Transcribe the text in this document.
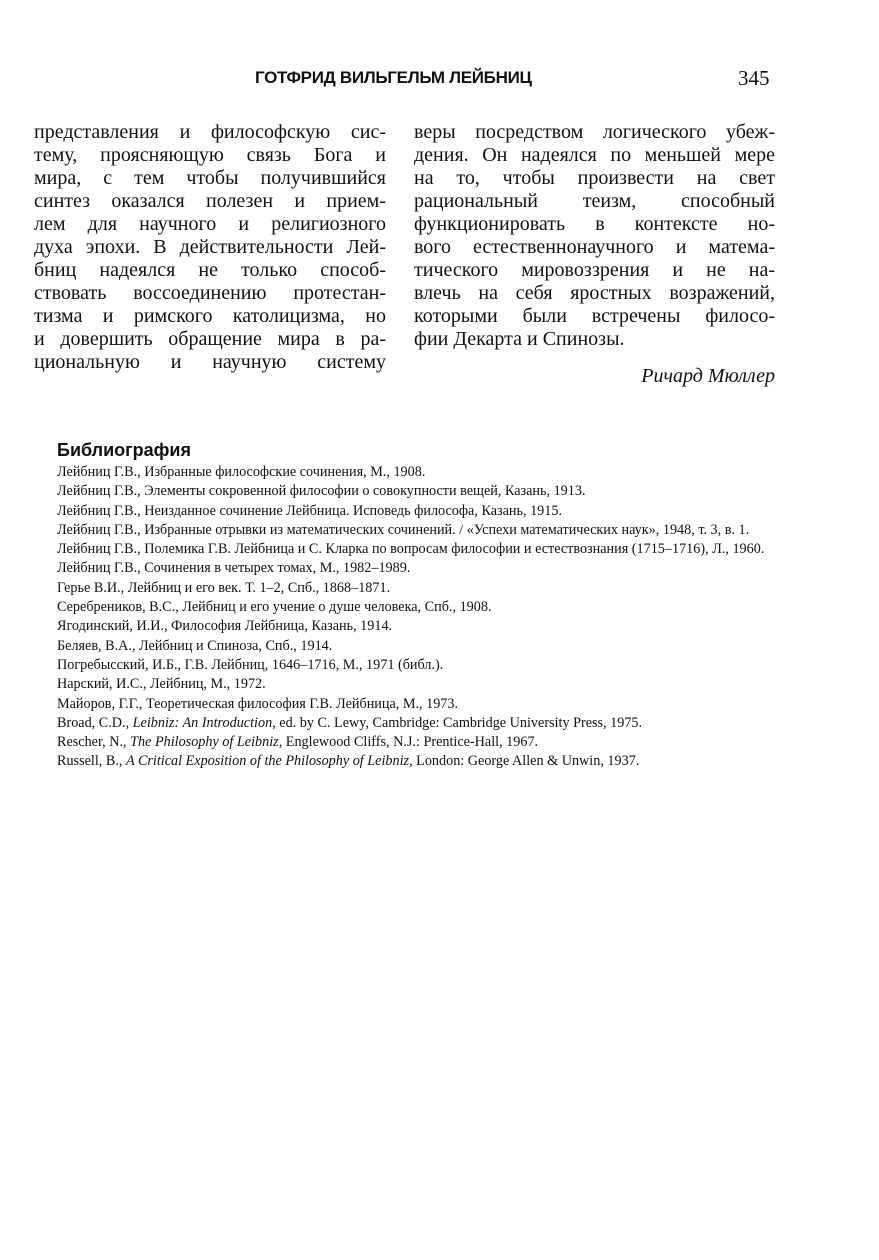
ГОТФРИД ВИЛЬГЕЛЬМ ЛЕЙБНИЦ	345
представления и философскую сис-
тему, проясняющую связь Бога и
мира, с тем чтобы получившийся
синтез оказался полезен и прием-
лем для научного и религиозного
духа эпохи. В действительности Лей-
бниц надеялся не только способ-
ствовать воссоединению протестан-
тизма и римского католицизма, но
и довершить обращение мира в ра-
циональную и научную систему
веры посредством логического убеж-
дения. Он надеялся по меньшей мере
на то, чтобы произвести на свет
рациональный теизм, способный
функционировать в контексте но-
вого естественнонаучного и матема-
тического мировоззрения и не на-
влечь на себя яростных возражений,
которыми были встречены филосо-
фии Декарта и Спинозы.
Ричард Мюллер
Библиография

Лейбниц Г.В., Избранные философские сочинения, М., 1908.

Лейбниц Г.В., Элементы сокровенной философии о совокупности вещей, Казань, 1913.

Лейбниц Г.В., Неизданное сочинение Лейбница. Исповедь философа, Казань, 1915.

Лейбниц Г.В., Избранные отрывки из математических сочинений. / «Успехи математических наук», 1948, т. 3, в. 1.

Лейбниц Г.В., Полемика Г.В. Лейбница и С. Кларка по вопросам философии и естествознания (1715–1716), Л., 1960.

Лейбниц Г.В., Сочинения в четырех томах, М., 1982–1989.

Герье В.И., Лейбниц и его век. Т. 1–2, Спб., 1868–1871.

Серебреников, В.С., Лейбниц и его учение о душе человека, Спб., 1908.

Ягодинский, И.И., Философия Лейбница, Казань, 1914.

Беляев, В.А., Лейбниц и Спиноза, Спб., 1914.

Погребысский, И.Б., Г.В. Лейбниц, 1646–1716, М., 1971 (библ.).

Нарский, И.С., Лейбниц, М., 1972.

Майоров, Г.Г., Теоретическая философия Г.В. Лейбница, М., 1973.

Broad, C.D., Leibniz: An Introduction, ed. by C. Lewy, Cambridge: Cambridge University Press, 1975.

Rescher, N., The Philosophy of Leibniz, Englewood Cliffs, N.J.: Prentice-Hall, 1967.

Russell, B., A Critical Exposition of the Philosophy of Leibniz, London: George Allen & Unwin, 1937.
